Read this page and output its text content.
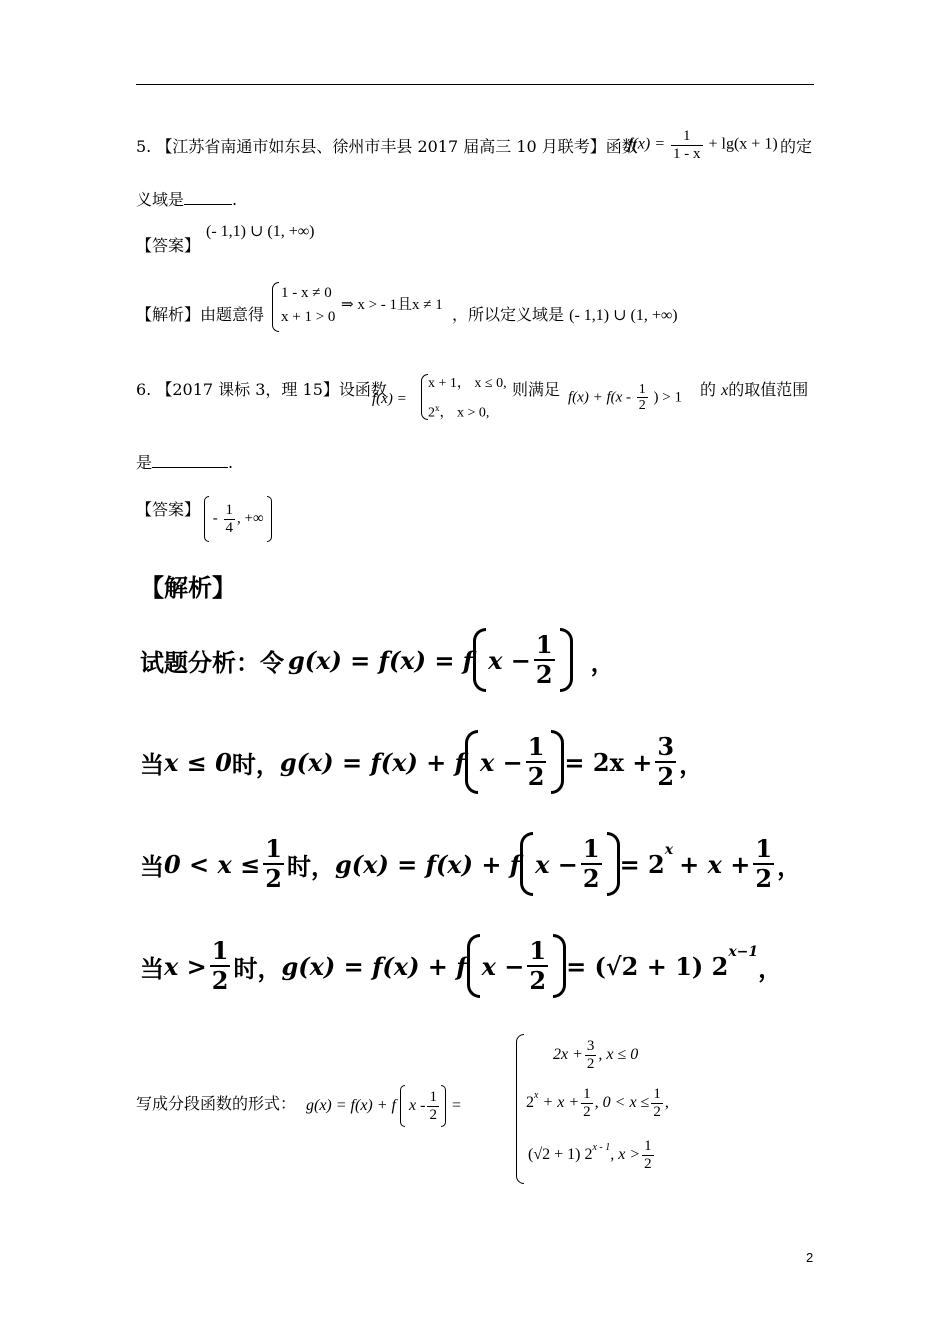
5. 【江苏省南通市如东县、徐州市丰县 2017 届高三 10 月联考】函数
$f(x) = \frac{1}{1 - x} + \lg(x + 1)$ 的定
义域是	.
【答案】
(- 1,1) ∪ (1, +∞)
【解析】由题意得
1 - x ≠ 0
x + 1 > 0
⇒ x > - 1且x ≠ 1 ，所以定义域是 (- 1,1) ∪ (1, +∞)
6. 【2017 课标 3，理 15】设函数
f(x) =
x + 1， x ≤ 0,
2$^x$， x > 0,
则满足 $f(x) + f(x - \frac{1}{2}$ ) > 1 的 x的取值范围
是	.
【答案】 - $\frac{1}{4}$ , +∞
【解析】
试题分析：令 g(x) = f(x) = f $x - \frac{1}{2}$ ，
当 x ≤ 0 时， g(x) = f(x) + f $x - \frac{1}{2} = 2x + \frac{3}{2}$ ，
当 $0 < x \le \frac{1}{2}$ 时， g(x) = f(x) + f $x - \frac{1}{2} = 2^x + x + \frac{1}{2}$ ，
当 $x > \frac{1}{2}$ 时， g(x) = f(x) + f $x - \frac{1}{2} = (√2 + 1)$ $2^{x-1}$
，
写成分段函数的形式： g(x) = f(x) + f x - $\frac{1}{2}$ =
$2x + \frac{3}{2}$ , x ≤ 0
$2^x + x + \frac{1}{2}$ , $0 < x \le \frac{1}{2}$ ,
(√2 + 1) 2$^{x - 1}$ , $x > \frac{1}{2}$
2
